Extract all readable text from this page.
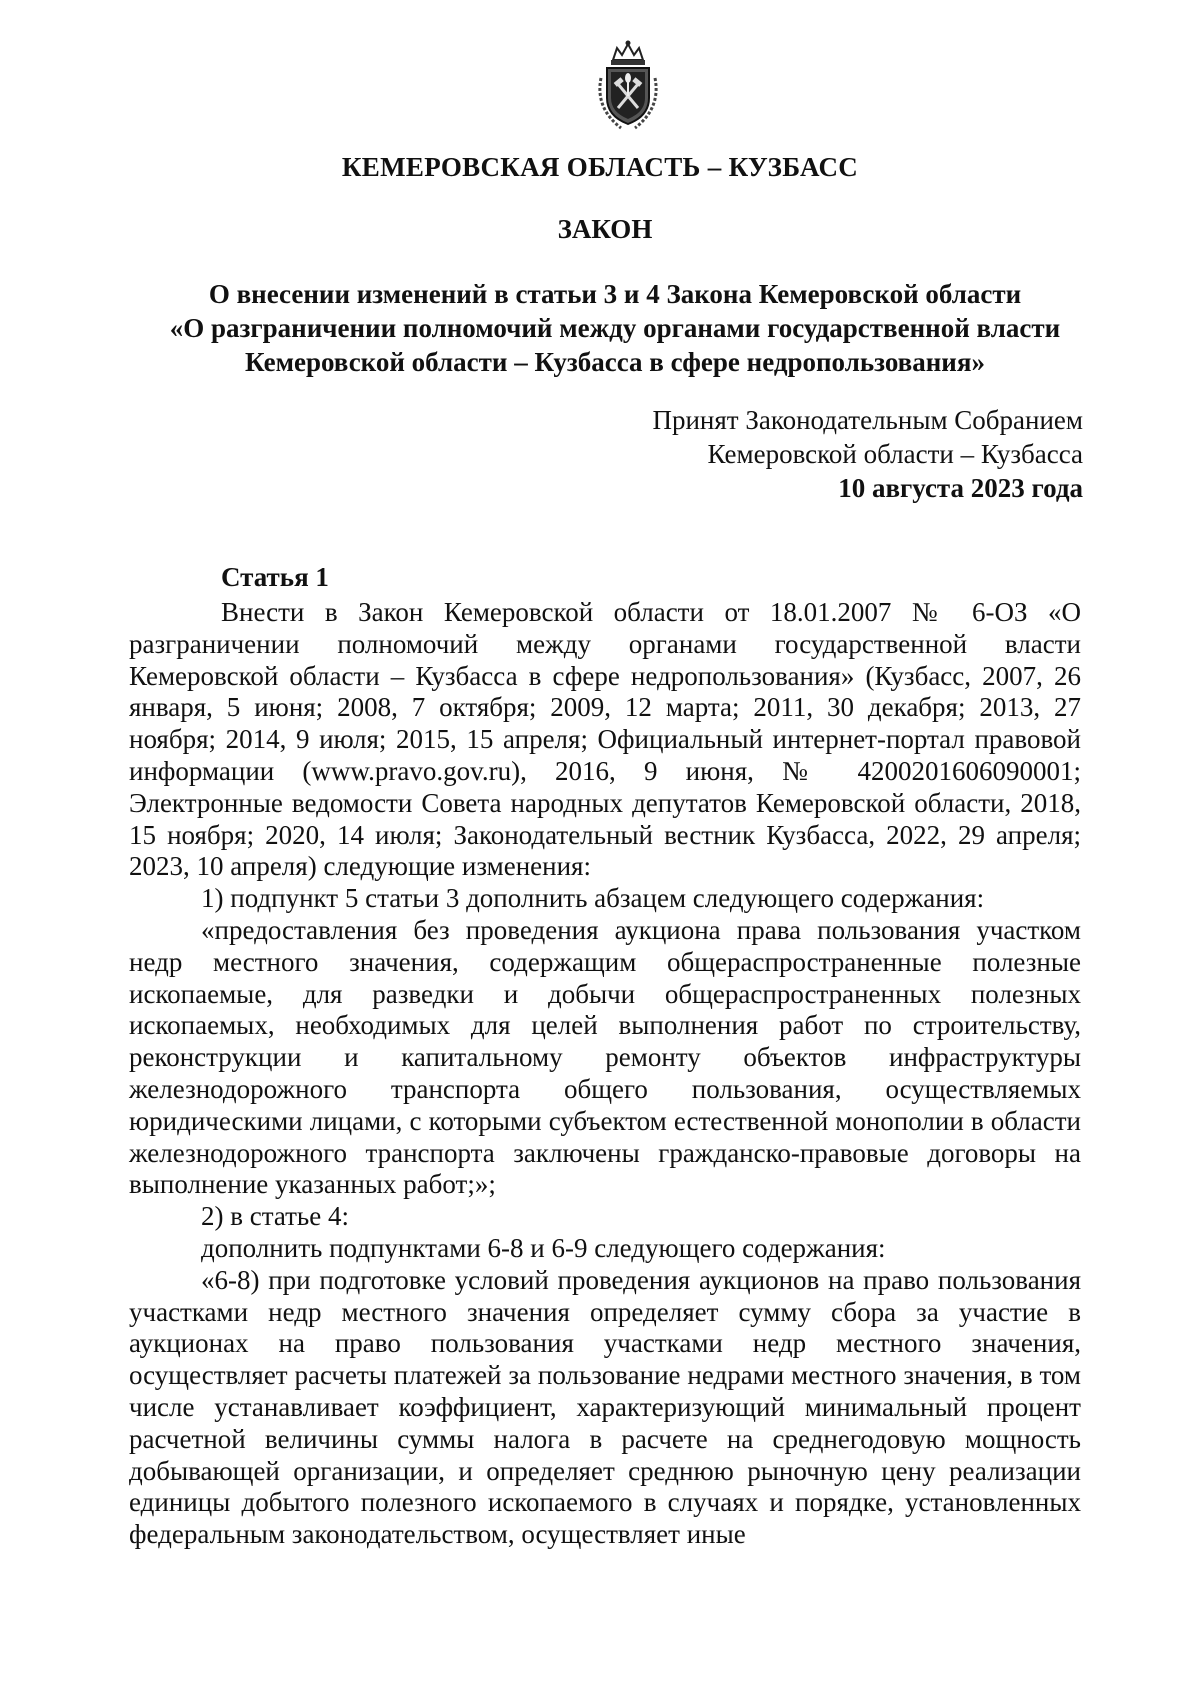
КЕМЕРОВСКАЯ ОБЛАСТЬ – КУЗБАСС
ЗАКОН
О внесении изменений в статьи 3 и 4 Закона Кемеровской области
«О разграничении полномочий между органами государственной власти
Кемеровской области – Кузбасса в сфере недропользования»
Принят Законодательным Собранием
Кемеровской области – Кузбасса
10 августа 2023 года
Статья 1

Внести в Закон Кемеровской области от 18.01.2007 № 6-ОЗ «О разграничении полномочий между органами государственной власти Кемеровской области – Кузбасса в сфере недропользования» (Кузбасс, 2007, 26 января, 5 июня; 2008, 7 октября; 2009, 12 марта; 2011, 30 декабря; 2013, 27 ноября; 2014, 9 июля; 2015, 15 апреля; Официальный интернет-портал правовой информации (www.pravo.gov.ru), 2016, 9 июня, № 4200201606090001; Электронные ведомости Совета народных депутатов Кемеровской области, 2018, 15 ноября; 2020, 14 июля; Законодательный вестник Кузбасса, 2022, 29 апреля; 2023, 10 апреля) следующие изменения:

1) подпункт 5 статьи 3 дополнить абзацем следующего содержания:

«предоставления без проведения аукциона права пользования участком недр местного значения, содержащим общераспространенные полезные ископаемые, для разведки и добычи общераспространенных полезных ископаемых, необходимых для целей выполнения работ по строительству, реконструкции и капитальному ремонту объектов инфраструктуры железнодорожного транспорта общего пользования, осуществляемых юридическими лицами, с которыми субъектом естественной монополии в области железнодорожного транспорта заключены гражданско-правовые договоры на выполнение указанных работ;»;

2) в статье 4:

дополнить подпунктами 6-8 и 6-9 следующего содержания:

«6-8) при подготовке условий проведения аукционов на право пользования участками недр местного значения определяет сумму сбора за участие в аукционах на право пользования участками недр местного значения, осуществляет расчеты платежей за пользование недрами местного значения, в том числе устанавливает коэффициент, характеризующий минимальный процент расчетной величины суммы налога в расчете на среднегодовую мощность добывающей организации, и определяет среднюю рыночную цену реализации единицы добытого полезного ископаемого в случаях и порядке, установленных федеральным законодательством, осуществляет иные
